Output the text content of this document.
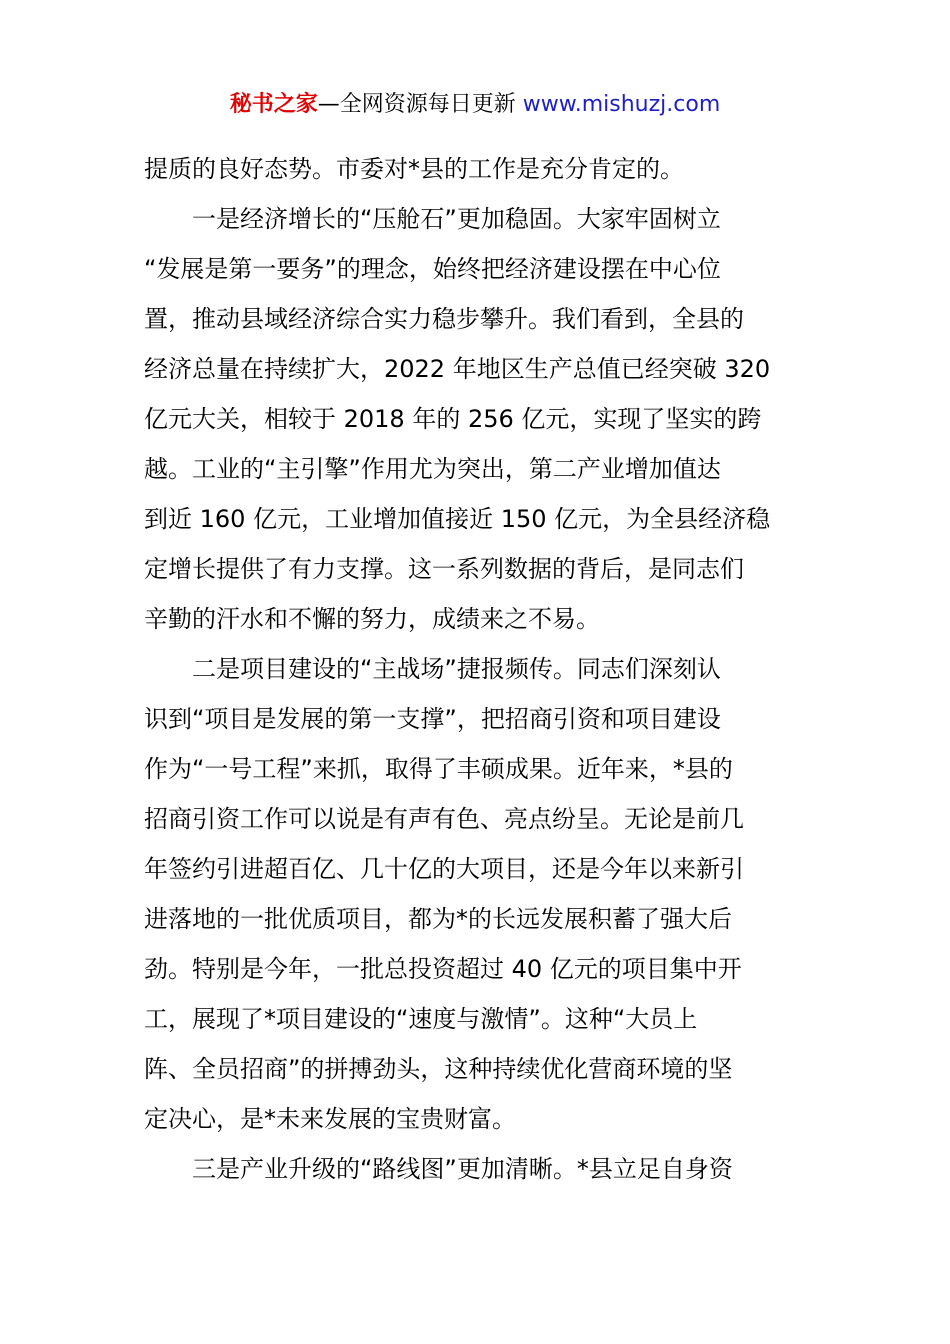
秘书之家—全网资源每日更新 www.mishuzj.com
提质的良好态势。市委对*县的工作是充分肯定的。
一是经济增长的“压舱石”更加稳固。大家牢固树立
“发展是第一要务”的理念，始终把经济建设摆在中心位
置，推动县域经济综合实力稳步攀升。我们看到，全县的
经济总量在持续扩大，2022 年地区生产总值已经突破 320
亿元大关，相较于 2018 年的 256 亿元，实现了坚实的跨
越。工业的“主引擎”作用尤为突出，第二产业增加值达
到近 160 亿元，工业增加值接近 150 亿元，为全县经济稳
定增长提供了有力支撑。这一系列数据的背后，是同志们
辛勤的汗水和不懈的努力，成绩来之不易。
二是项目建设的“主战场”捷报频传。同志们深刻认
识到“项目是发展的第一支撑”，把招商引资和项目建设
作为“一号工程”来抓，取得了丰硕成果。近年来，*县的
招商引资工作可以说是有声有色、亮点纷呈。无论是前几
年签约引进超百亿、几十亿的大项目，还是今年以来新引
进落地的一批优质项目，都为*的长远发展积蓄了强大后
劲。特别是今年，一批总投资超过 40 亿元的项目集中开
工，展现了*项目建设的“速度与激情”。这种“大员上
阵、全员招商”的拼搏劲头，这种持续优化营商环境的坚
定决心，是*未来发展的宝贵财富。
三是产业升级的“路线图”更加清晰。*县立足自身资
